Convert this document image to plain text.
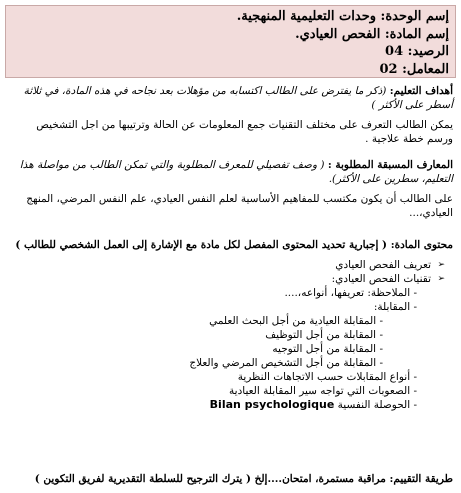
إسم الوحدة: وحدات التعليمية المنهجية.
إسم المادة: الفحص العيادي.
الرصيد: 04
المعامل: 02

أهداف التعليم: (ذكر ما يفترض على الطالب اكتسابه من مؤهلات بعد نجاحه في هذه المادة، في ثلاثة أسطر على الأكثر )

يمكن الطالب التعرف على مختلف التقنيات جمع المعلومات عن الحالة وترتيبها من اجل التشخيص ورسم خطة علاجية .

المعارف المسبقة المطلوبة : ( وصف تفصيلي للمعرف المطلوبة والتي تمكن الطالب من مواصلة هذا التعليم، سطرين على الأكثر).

على الطالب أن يكون مكتسب للمفاهيم الأساسية لعلم النفس العيادي، علم النفس المرضي، المنهج العيادي،...

محتوى المادة: ( إجبارية تحديد المحتوى المفصل لكل مادة مع الإشارة إلى العمل الشخصي للطالب )

➢ تعريف الفحص العيادي
➢ تقنيات الفحص العيادي:
- الملاحظة: تعريفها، أنواعه،....
- المقابلة:
- المقابلة العيادية من أجل البحث العلمي
- المقابلة من أجل التوظيف
- المقابلة من أجل التوجيه
- المقابلة من أجل التشخيص المرضي والعلاج
- أنواع المقابلات حسب الاتجاهات النظرية
- الصعوبات التي تواجه سير المقابلة العيادية
- الحوصلة النفسية Bilan psychologique
طريقة التقييم: مراقبة مستمرة، امتحان....إلخ ( يترك الترجيح للسلطة التقديرية لفريق التكوين )
